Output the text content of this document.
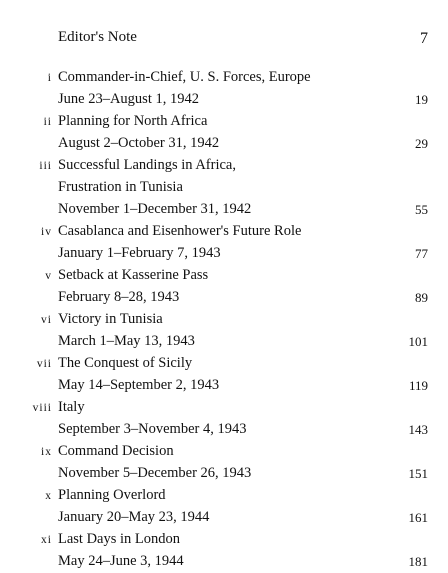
Editor's Note	7
i Commander-in-Chief, U. S. Forces, Europe
June 23–August 1, 1942	19
ii Planning for North Africa
August 2–October 31, 1942	29
iii Successful Landings in Africa,
Frustration in Tunisia
November 1–December 31, 1942	55
iv Casablanca and Eisenhower's Future Role
January 1–February 7, 1943	77
v Setback at Kasserine Pass
February 8–28, 1943	89
vi Victory in Tunisia
March 1–May 13, 1943	101
vii The Conquest of Sicily
May 14–September 2, 1943	119
viii Italy
September 3–November 4, 1943	143
ix Command Decision
November 5–December 26, 1943	151
x Planning Overlord
January 20–May 23, 1944	161
xi Last Days in London
May 24–June 3, 1944	181
